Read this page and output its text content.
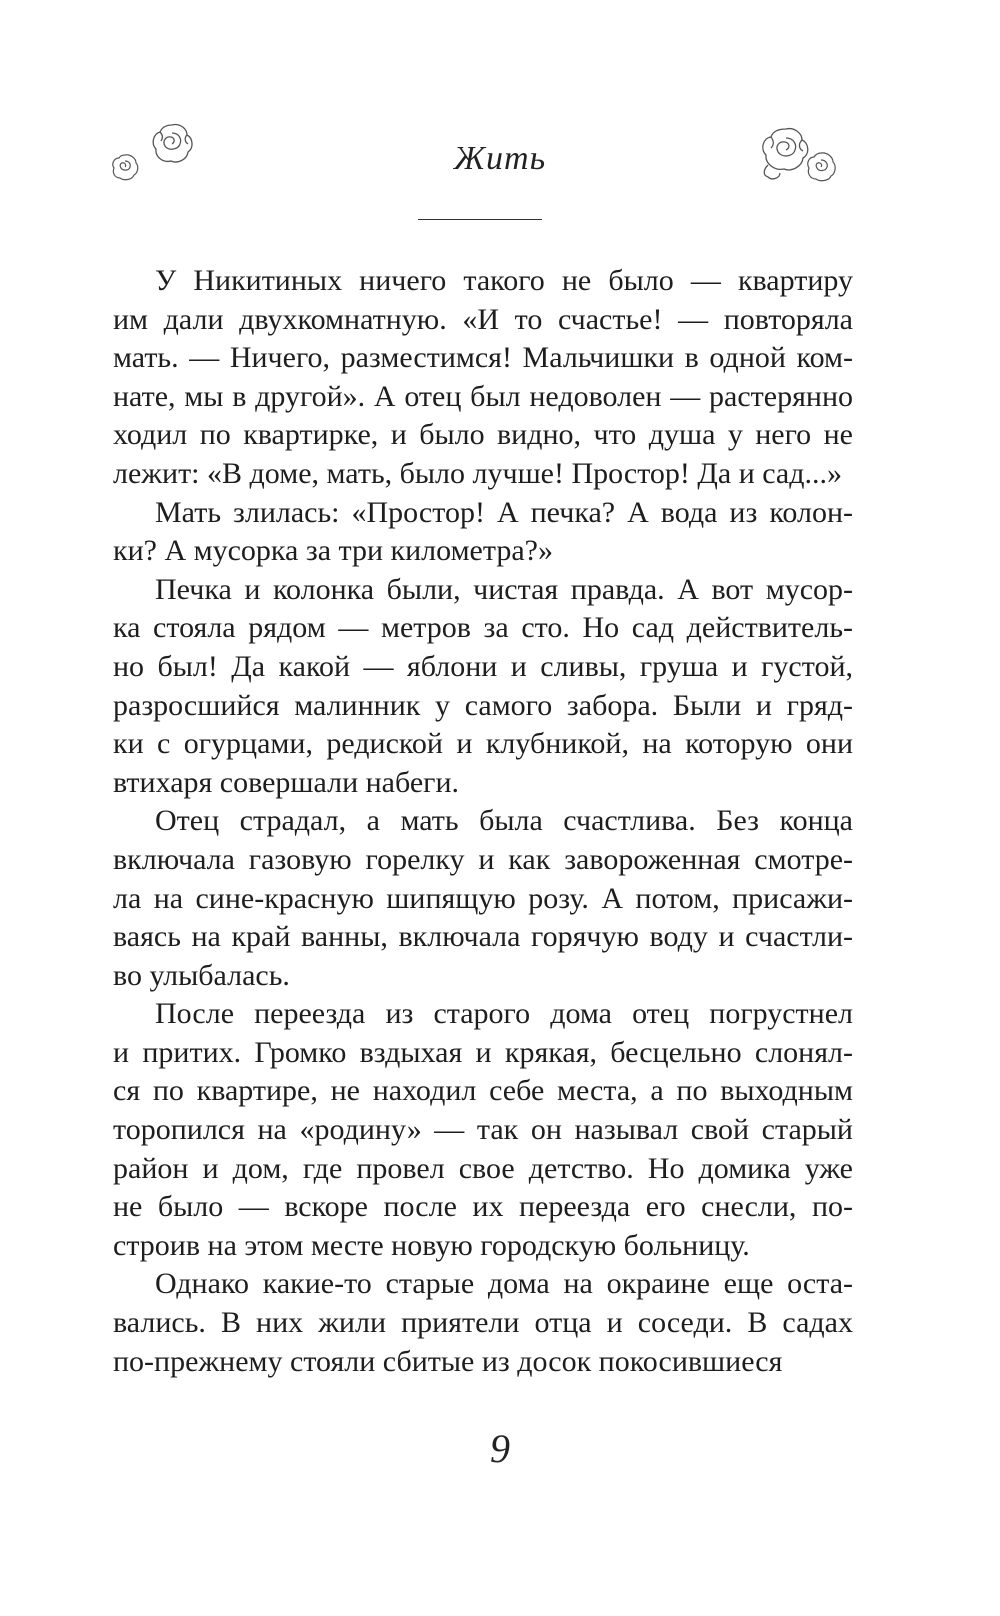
Жить
У Никитиных ничего такого не было — квартиру
им дали двухкомнатную. «И то счастье! — повторяла
мать. — Ничего, разместимся! Мальчишки в одной ком-
нате, мы в другой». А отец был недоволен — растерянно
ходил по квартирке, и было видно, что душа у него не
лежит: «В доме, мать, было лучше! Простор! Да и сад...»
Мать злилась: «Простор! А печка? А вода из колон-
ки? А мусорка за три километра?»
Печка и колонка были, чистая правда. А вот мусор-
ка стояла рядом — метров за сто. Но сад действитель-
но был! Да какой — яблони и сливы, груша и густой,
разросшийся малинник у самого забора. Были и гряд-
ки с огурцами, редиской и клубникой, на которую они
втихаря совершали набеги.
Отец страдал, а мать была счастлива. Без конца
включала газовую горелку и как завороженная смотре-
ла на сине-красную шипящую розу. А потом, присажи-
ваясь на край ванны, включала горячую воду и счастли-
во улыбалась.
После переезда из старого дома отец погрустнел
и притих. Громко вздыхая и крякая, бесцельно слонял-
ся по квартире, не находил себе места, а по выходным
торопился на «родину» — так он называл свой старый
район и дом, где провел свое детство. Но домика уже
не было — вскоре после их переезда его снесли, по-
строив на этом месте новую городскую больницу.
Однако какие-то старые дома на окраине еще оста-
вались. В них жили приятели отца и соседи. В садах
по-прежнему стояли сбитые из досок покосившиеся
9
